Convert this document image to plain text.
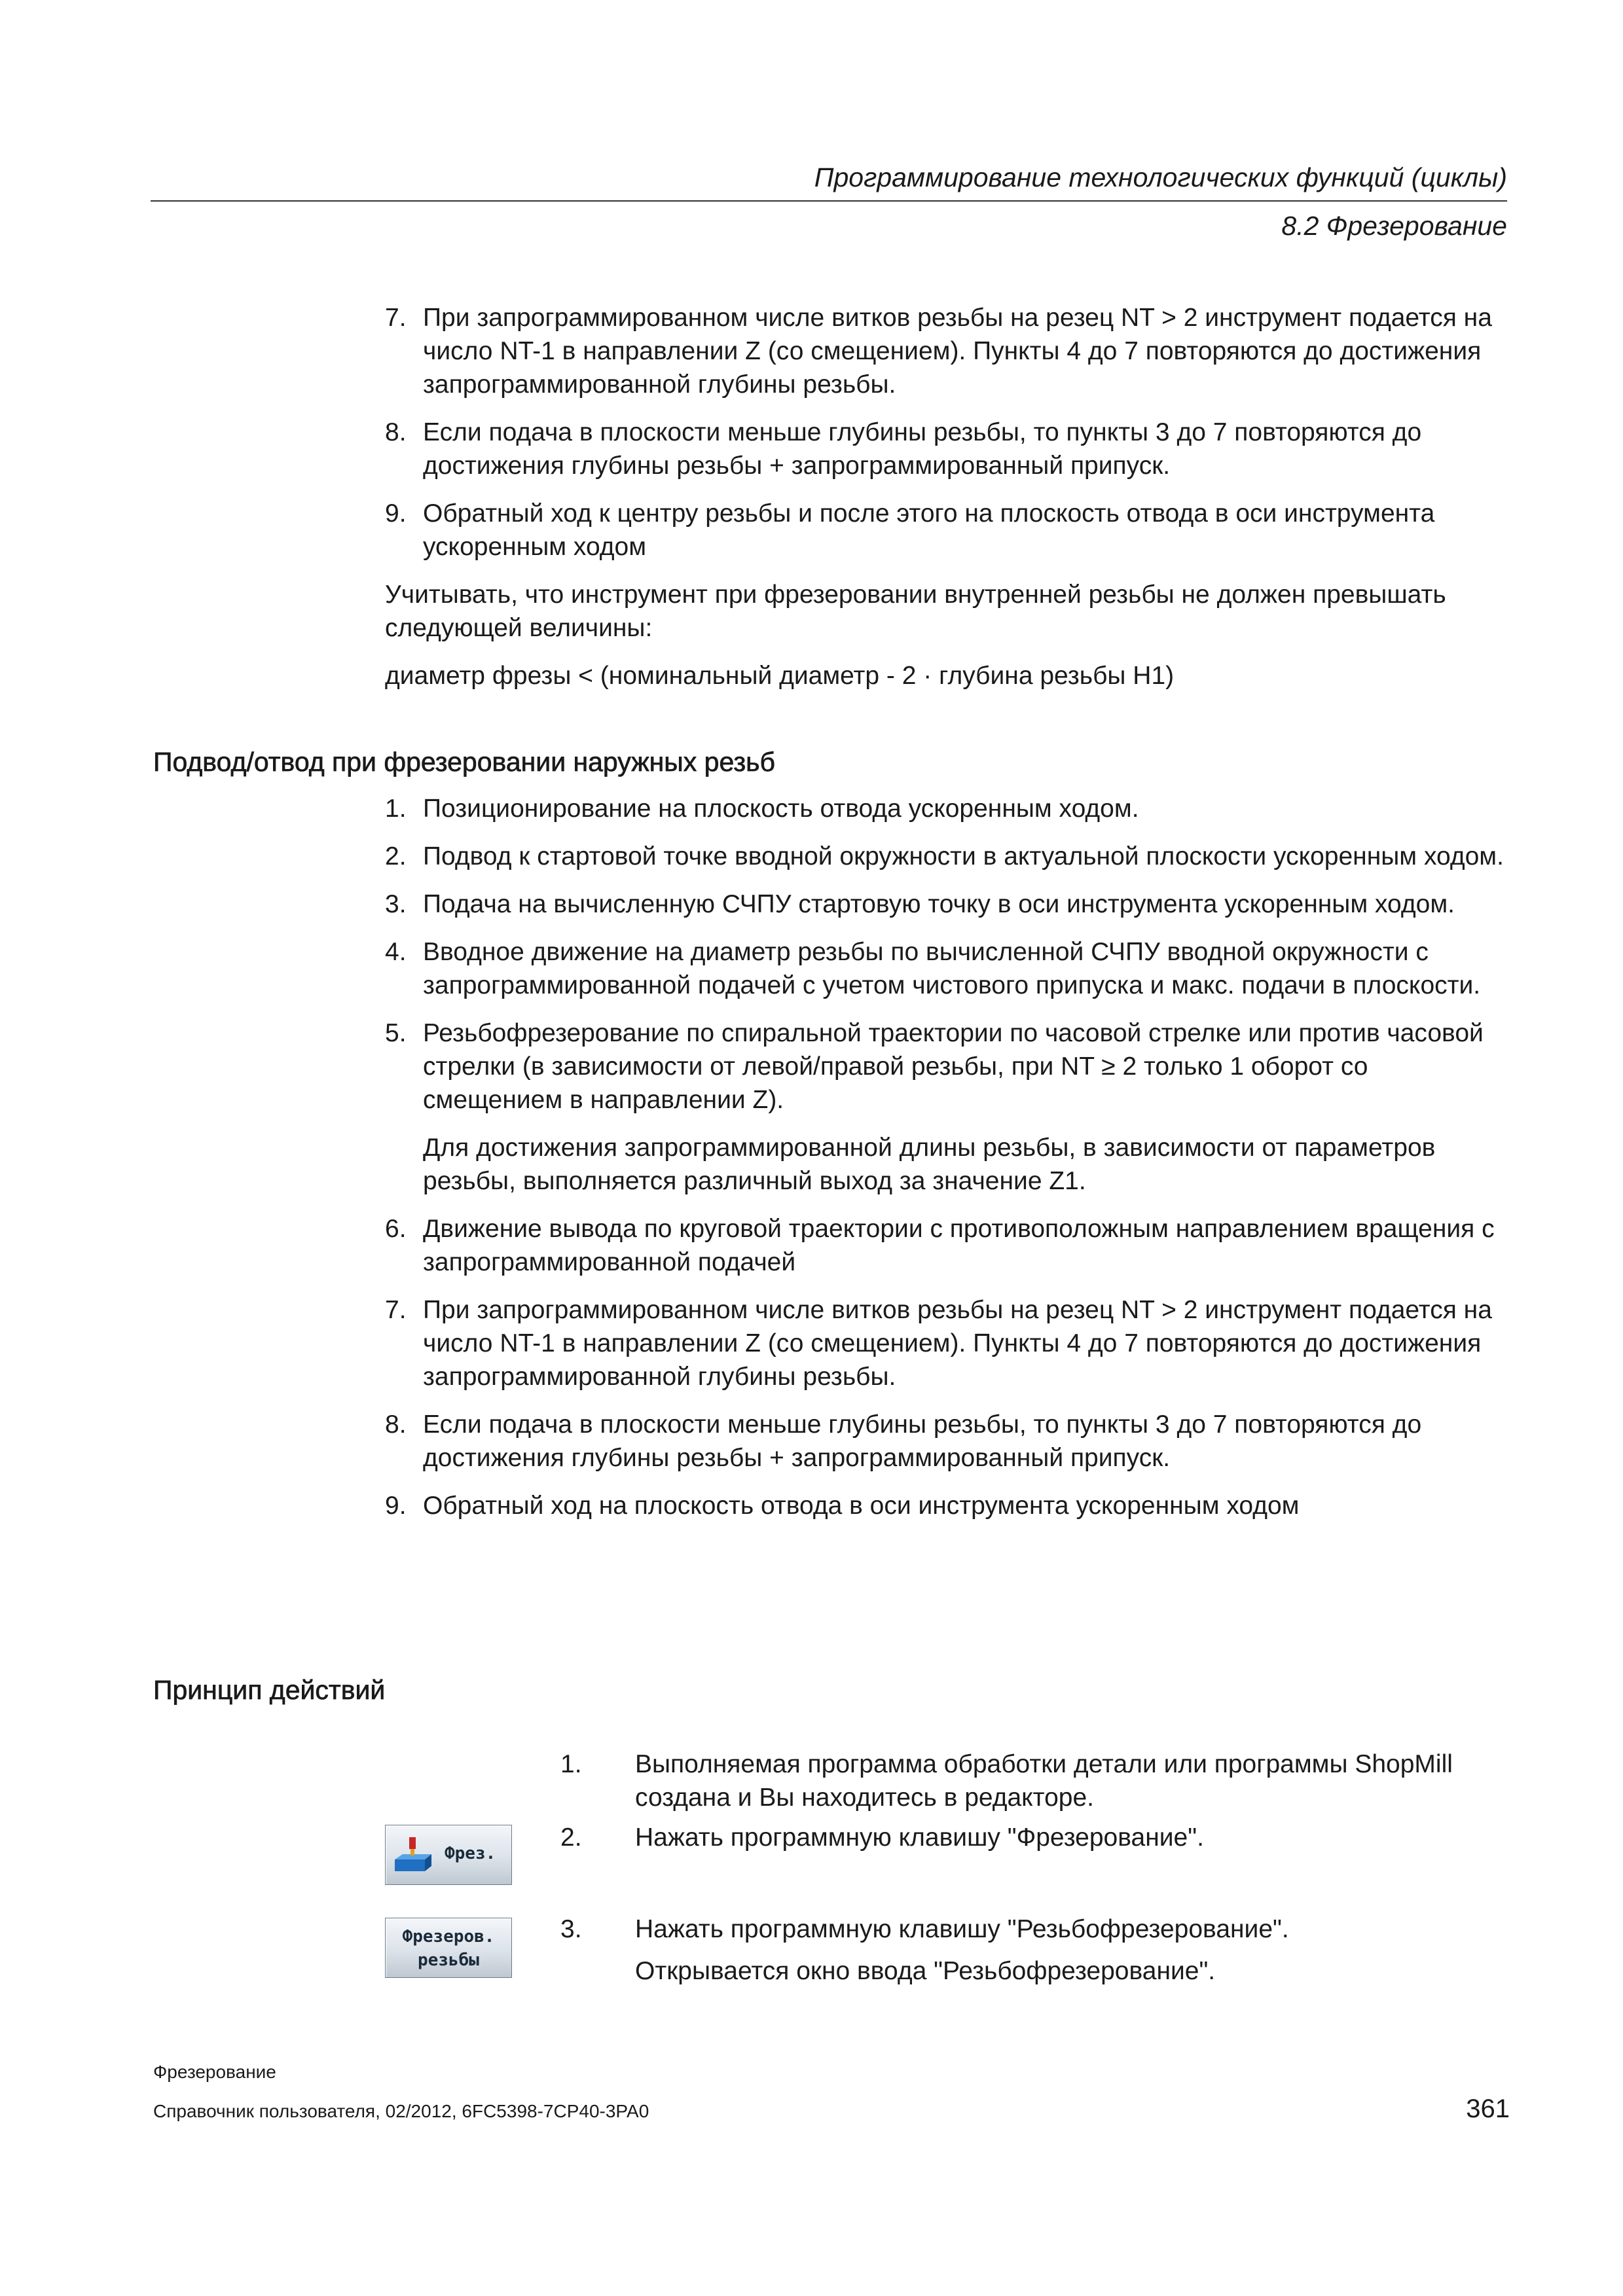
Программирование технологических функций (циклы)
8.2 Фрезерование
7. При запрограммированном числе витков резьбы на резец NT > 2 инструмент подается на число NT-1 в направлении Z (со смещением). Пункты 4 до 7 повторяются до достижения запрограммированной глубины резьбы.
8. Если подача в плоскости меньше глубины резьбы, то пункты 3 до 7 повторяются до достижения глубины резьбы + запрограммированный припуск.
9. Обратный ход к центру резьбы и после этого на плоскость отвода в оси инструмента ускоренным ходом

Учитывать, что инструмент при фрезеровании внутренней резьбы не должен превышать следующей величины:

диаметр фрезы < (номинальный диаметр - 2 · глубина резьбы H1)

Подвод/отвод при фрезеровании наружных резьб
1. Позиционирование на плоскость отвода ускоренным ходом.
2. Подвод к стартовой точке вводной окружности в актуальной плоскости ускоренным ходом.
3. Подача на вычисленную СЧПУ стартовую точку в оси инструмента ускоренным ходом.
4. Вводное движение на диаметр резьбы по вычисленной СЧПУ вводной окружности с запрограммированной подачей с учетом чистового припуска и макс. подачи в плоскости.
5. Резьбофрезерование по спиральной траектории по часовой стрелке или против часовой стрелки (в зависимости от левой/правой резьбы, при NT ≥ 2 только 1 оборот со смещением в направлении Z).
Для достижения запрограммированной длины резьбы, в зависимости от параметров резьбы, выполняется различный выход за значение Z1.
6. Движение вывода по круговой траектории с противоположным направлением вращения с запрограммированной подачей
7. При запрограммированном числе витков резьбы на резец NT > 2 инструмент подается на число NT-1 в направлении Z (со смещением). Пункты 4 до 7 повторяются до достижения запрограммированной глубины резьбы.
8. Если подача в плоскости меньше глубины резьбы, то пункты 3 до 7 повторяются до достижения глубины резьбы + запрограммированный припуск.
9. Обратный ход на плоскость отвода в оси инструмента ускоренным ходом
Принцип действий
1. Выполняемая программа обработки детали или программы ShopMill создана и Вы находитесь в редакторе.
2. Нажать программную клавишу "Фрезерование".
3. Нажать программную клавишу "Резьбофрезерование".
Открывается окно ввода "Резьбофрезерование".
Фрез.
Фрезеров.
резьбы
Фрезерование
Справочник пользователя, 02/2012, 6FC5398-7CP40-3PA0	361
